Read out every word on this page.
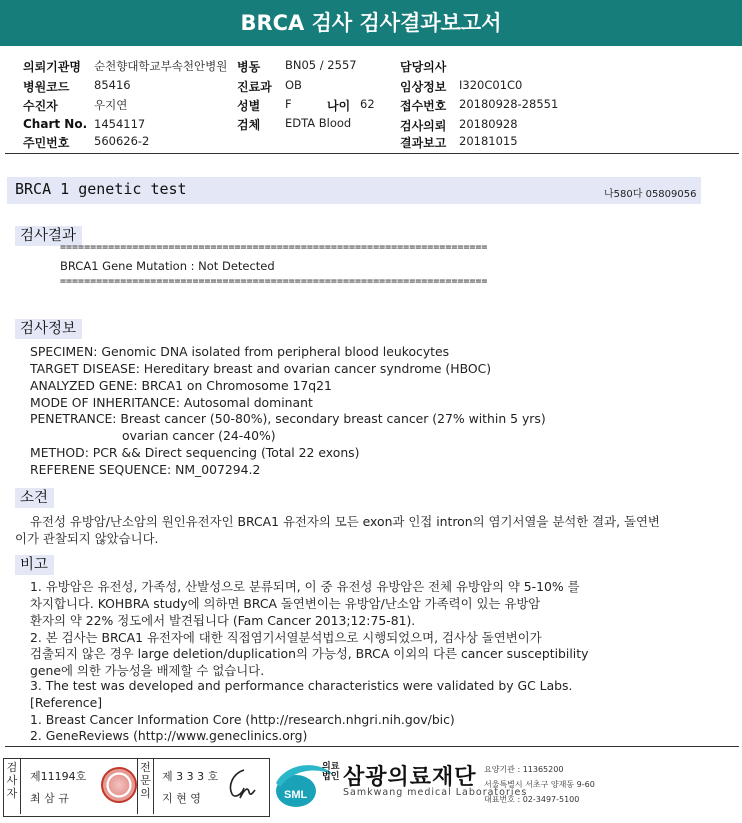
BRCA 검사 검사결과보고서
의뢰기관명 순천향대학교부속천안병원
병원코드 85416
수진자	우지연
Chart No. 1454117
주민번호 560626-2
병동 BN05 / 2557
진료과 OB
성별 F	나이 62
검체 EDTA Blood
담당의사
임상정보 I320C01C0
접수번호 20180928-28551
검사의뢰 20180928
결과보고 20181015
BRCA 1 genetic test	나580다 05809056
검사결과
=======================================================================
BRCA1 Gene Mutation : Not Detected
=======================================================================
검사정보
SPECIMEN: Genomic DNA isolated from peripheral blood leukocytes
TARGET DISEASE: Hereditary breast and ovarian cancer syndrome (HBOC)
ANALYZED GENE: BRCA1 on Chromosome 17q21
MODE OF INHERITANCE: Autosomal dominant
PENETRANCE: Breast cancer (50-80%), secondary breast cancer (27% within 5 yrs)
ovarian cancer (24-40%)
METHOD: PCR && Direct sequencing (Total 22 exons)
REFERENE SEQUENCE: NM_007294.2
소견
유전성 유방암/난소암의 원인유전자인 BRCA1 유전자의 모든 exon과 인접 intron의 염기서열을 분석한 결과, 돌연변
이가 관찰되지 않았습니다.
비고
1. 유방암은 유전성, 가족성, 산발성으로 분류되며, 이 중 유전성 유방암은 전체 유방암의 약 5-10% 를
차지합니다. KOHBRA study에 의하면 BRCA 돌연변이는 유방암/난소암 가족력이 있는 유방암
환자의 약 22% 정도에서 발견됩니다 (Fam Cancer 2013;12:75-81).
2. 본 검사는 BRCA1 유전자에 대한 직접염기서열분석법으로 시행되었으며, 검사상 돌연변이가
검출되지 않은 경우 large deletion/duplication의 가능성, BRCA 이외의 다른 cancer susceptibility
gene에 의한 가능성을 배제할 수 없습니다.
3. The test was developed and performance characteristics were validated by GC Labs.
[Reference]
1. Breast Cancer Information Core (http://research.nhgri.nih.gov/bic)
2. GeneReviews (http://www.geneclinics.org)
검사자
제11194호
최 삼 규
전문의
제 3 3 3 호
지 현 영	SML
의료법인 삼광의료재단
Samkwang medical Laboratories
요양기관 : 11365200
서울특별시 서초구 양재동 9-60
대표번호 : 02-3497-5100
